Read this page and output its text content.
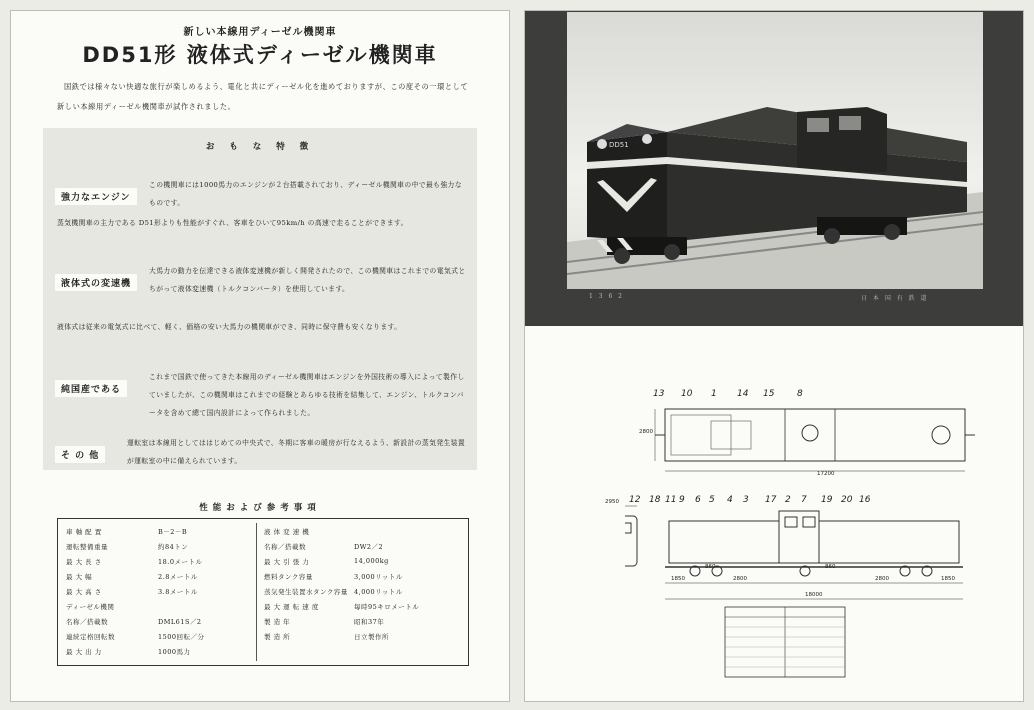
新しい本線用ディーゼル機関車
DD51形 液体式ディーゼル機関車
国鉄では様々ない快適な旅行が楽しめるよう、電化と共にディーゼル化を進めておりますが、この度その一環として新しい本線用ディーゼル機関車が試作されました。
お も な 特 徴
強力なエンジン
この機関車には1000馬力のエンジンが２台搭載されており、ディーゼル機関車の中で最も強力なものです。
蒸気機関車の主力である D51形よりも性能がすぐれ、客車をひいて95km/h の高速で走ることができます。
液体式の変速機
大馬力の動力を伝達できる液体変速機が新しく開発されたので、この機関車はこれまでの電気式とちがって液体変速機（トルクコンバータ）を使用しています。
液体式は従来の電気式に比べて、軽く、価格の安い大馬力の機関車ができ、同時に保守費も安くなります。
純国産である
これまで国鉄で使ってきた本線用のディーゼル機関車はエンジンを外国技術の導入によって製作していましたが、この機関車はこれまでの経験とあらゆる技術を結集して、エンジン、トルクコンバータを含めて總て国内設計によって作られました。
そ の 他
運転室は本線用としてははじめての中央式で、冬期に客車の暖房が行なえるよう、新設計の蒸気発生装置が運転室の中に備えられています。
性能および参考事項
車 軸 配 置	B－2－B
運転整備重量	約84トン
最 大 長 さ	18.0メートル
最 大 幅	2.8メートル
最 大 高 さ	3.8メートル
ディーゼル機関
名称／搭載数	DML61S／2
連続定格回転数	1500回転／分
最 大 出 力	1000馬力
液 体 変 速 機
名称／搭載数	DW2／2
最 大 引 張 力	14,000kg
燃料タンク容量	3,000リットル
蒸気発生装置水タンク容量 4,000リットル
最 大 運 転 速 度	毎時95キロメートル
製 造 年	昭和37年
製 造 所	日立製作所
DD51
1 3 6 2	日 本 国 有 鉄 道
13 10 1 14 15	8
17200
2800
2950
18000
1850	2800	1850
2800
860	860
12 18 11 9 6 5 4 3 17 2 7 19 20 16
